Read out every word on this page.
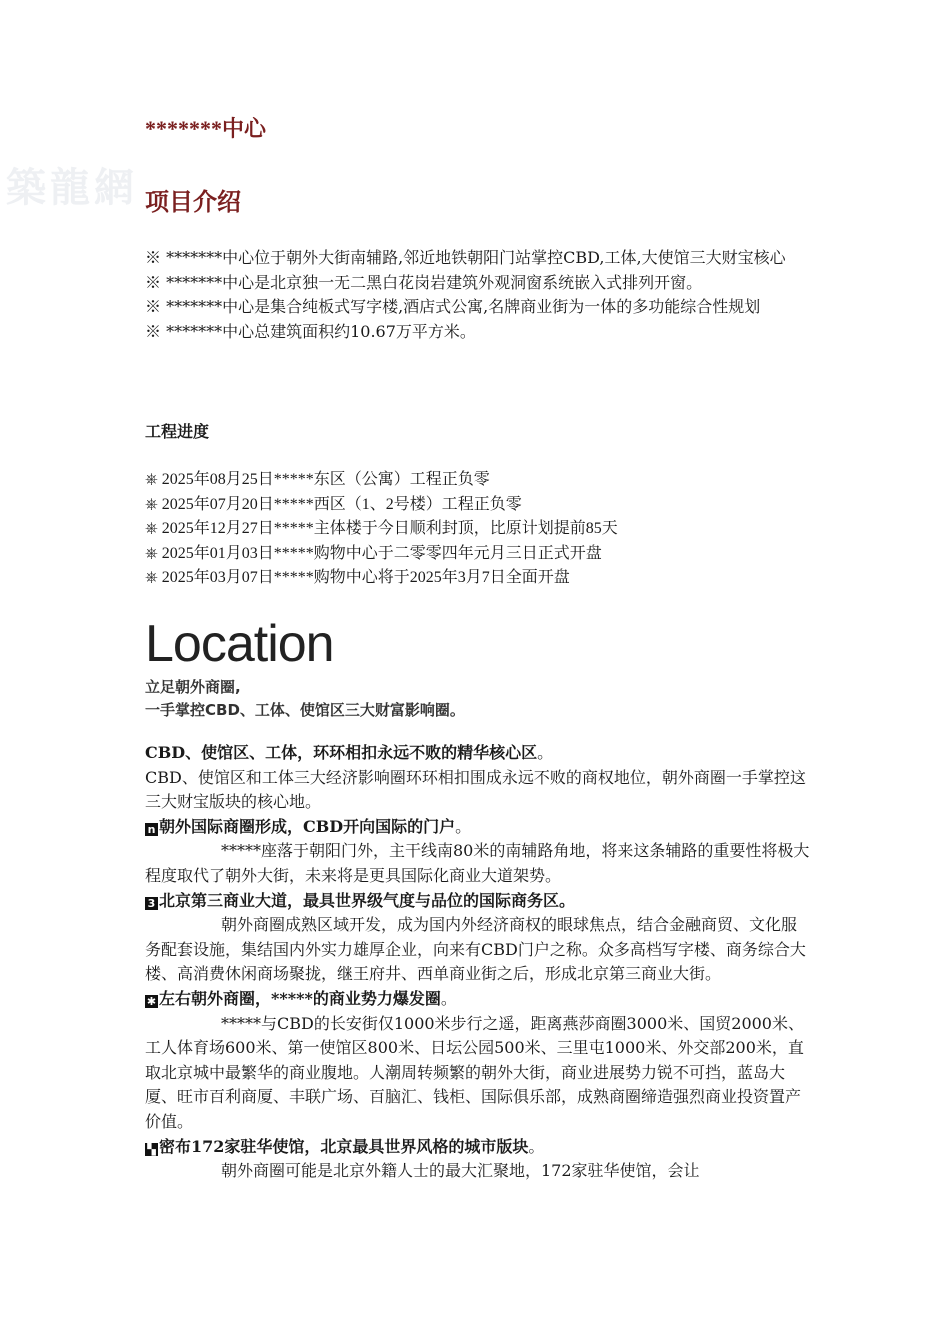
築龍網
*******中心
项目介绍

※ *******中心位于朝外大街南辅路,邻近地铁朝阳门站掌控CBD,工体,大使馆三大财宝核心

※ *******中心是北京独一无二黑白花岗岩建筑外观洞窗系统嵌入式排列开窗。

※ *******中心是集合纯板式写字楼,酒店式公寓,名牌商业街为一体的多功能综合性规划

※ *******中心总建筑面积约10.67万平方米。

工程进度
⎈ 2025年08月25日*****东区（公寓）工程正负零
⎈ 2025年07月20日*****西区（1、2号楼）工程正负零
⎈ 2025年12月27日*****主体楼于今日顺利封顶，比原计划提前85天
⎈ 2025年01月03日*****购物中心于二零零四年元月三日正式开盘
⎈ 2025年03月07日*****购物中心将于2025年3月7日全面开盘
Location
立足朝外商圈,
一手掌控CBD、工体、使馆区三大财富影响圈。

CBD、使馆区、工体，环环相扣永远不败的精华核心区。

CBD、使馆区和工体三大经济影响圈环环相扣围成永远不败的商权地位，朝外商圈一手掌控这三大财宝版块的核心地。

n 朝外国际商圈形成，CBD开向国际的门户。

*****座落于朝阳门外，主干线南80米的南辅路角地，将来这条辅路的重要性将极大程度取代了朝外大街，未来将是更具国际化商业大道架势。

3 北京第三商业大道，最具世界级气度与品位的国际商务区。

朝外商圈成熟区域开发，成为国内外经济商权的眼球焦点，结合金融商贸、文化服务配套设施，集结国内外实力雄厚企业，向来有CBD门户之称。众多高档写字楼、商务综合大楼、高消费休闲商场聚拢，继王府井、西单商业街之后，形成北京第三商业大街。

✱ 左右朝外商圈，*****的商业势力爆发圈。

*****与CBD的长安街仅1000米步行之遥，距离燕莎商圈3000米、国贸2000米、工人体育场600米、第一使馆区800米、日坛公园500米、三里屯1000米、外交部200米，直取北京城中最繁华的商业腹地。人潮周转频繁的朝外大街，商业进展势力锐不可挡，蓝岛大厦、旺市百利商厦、丰联广场、百脑汇、钱柜、国际俱乐部，成熟商圈缔造强烈商业投资置产价值。

▚ 密布172家驻华使馆，北京最具世界风格的城市版块。

朝外商圈可能是北京外籍人士的最大汇聚地，172家驻华使馆，会让
